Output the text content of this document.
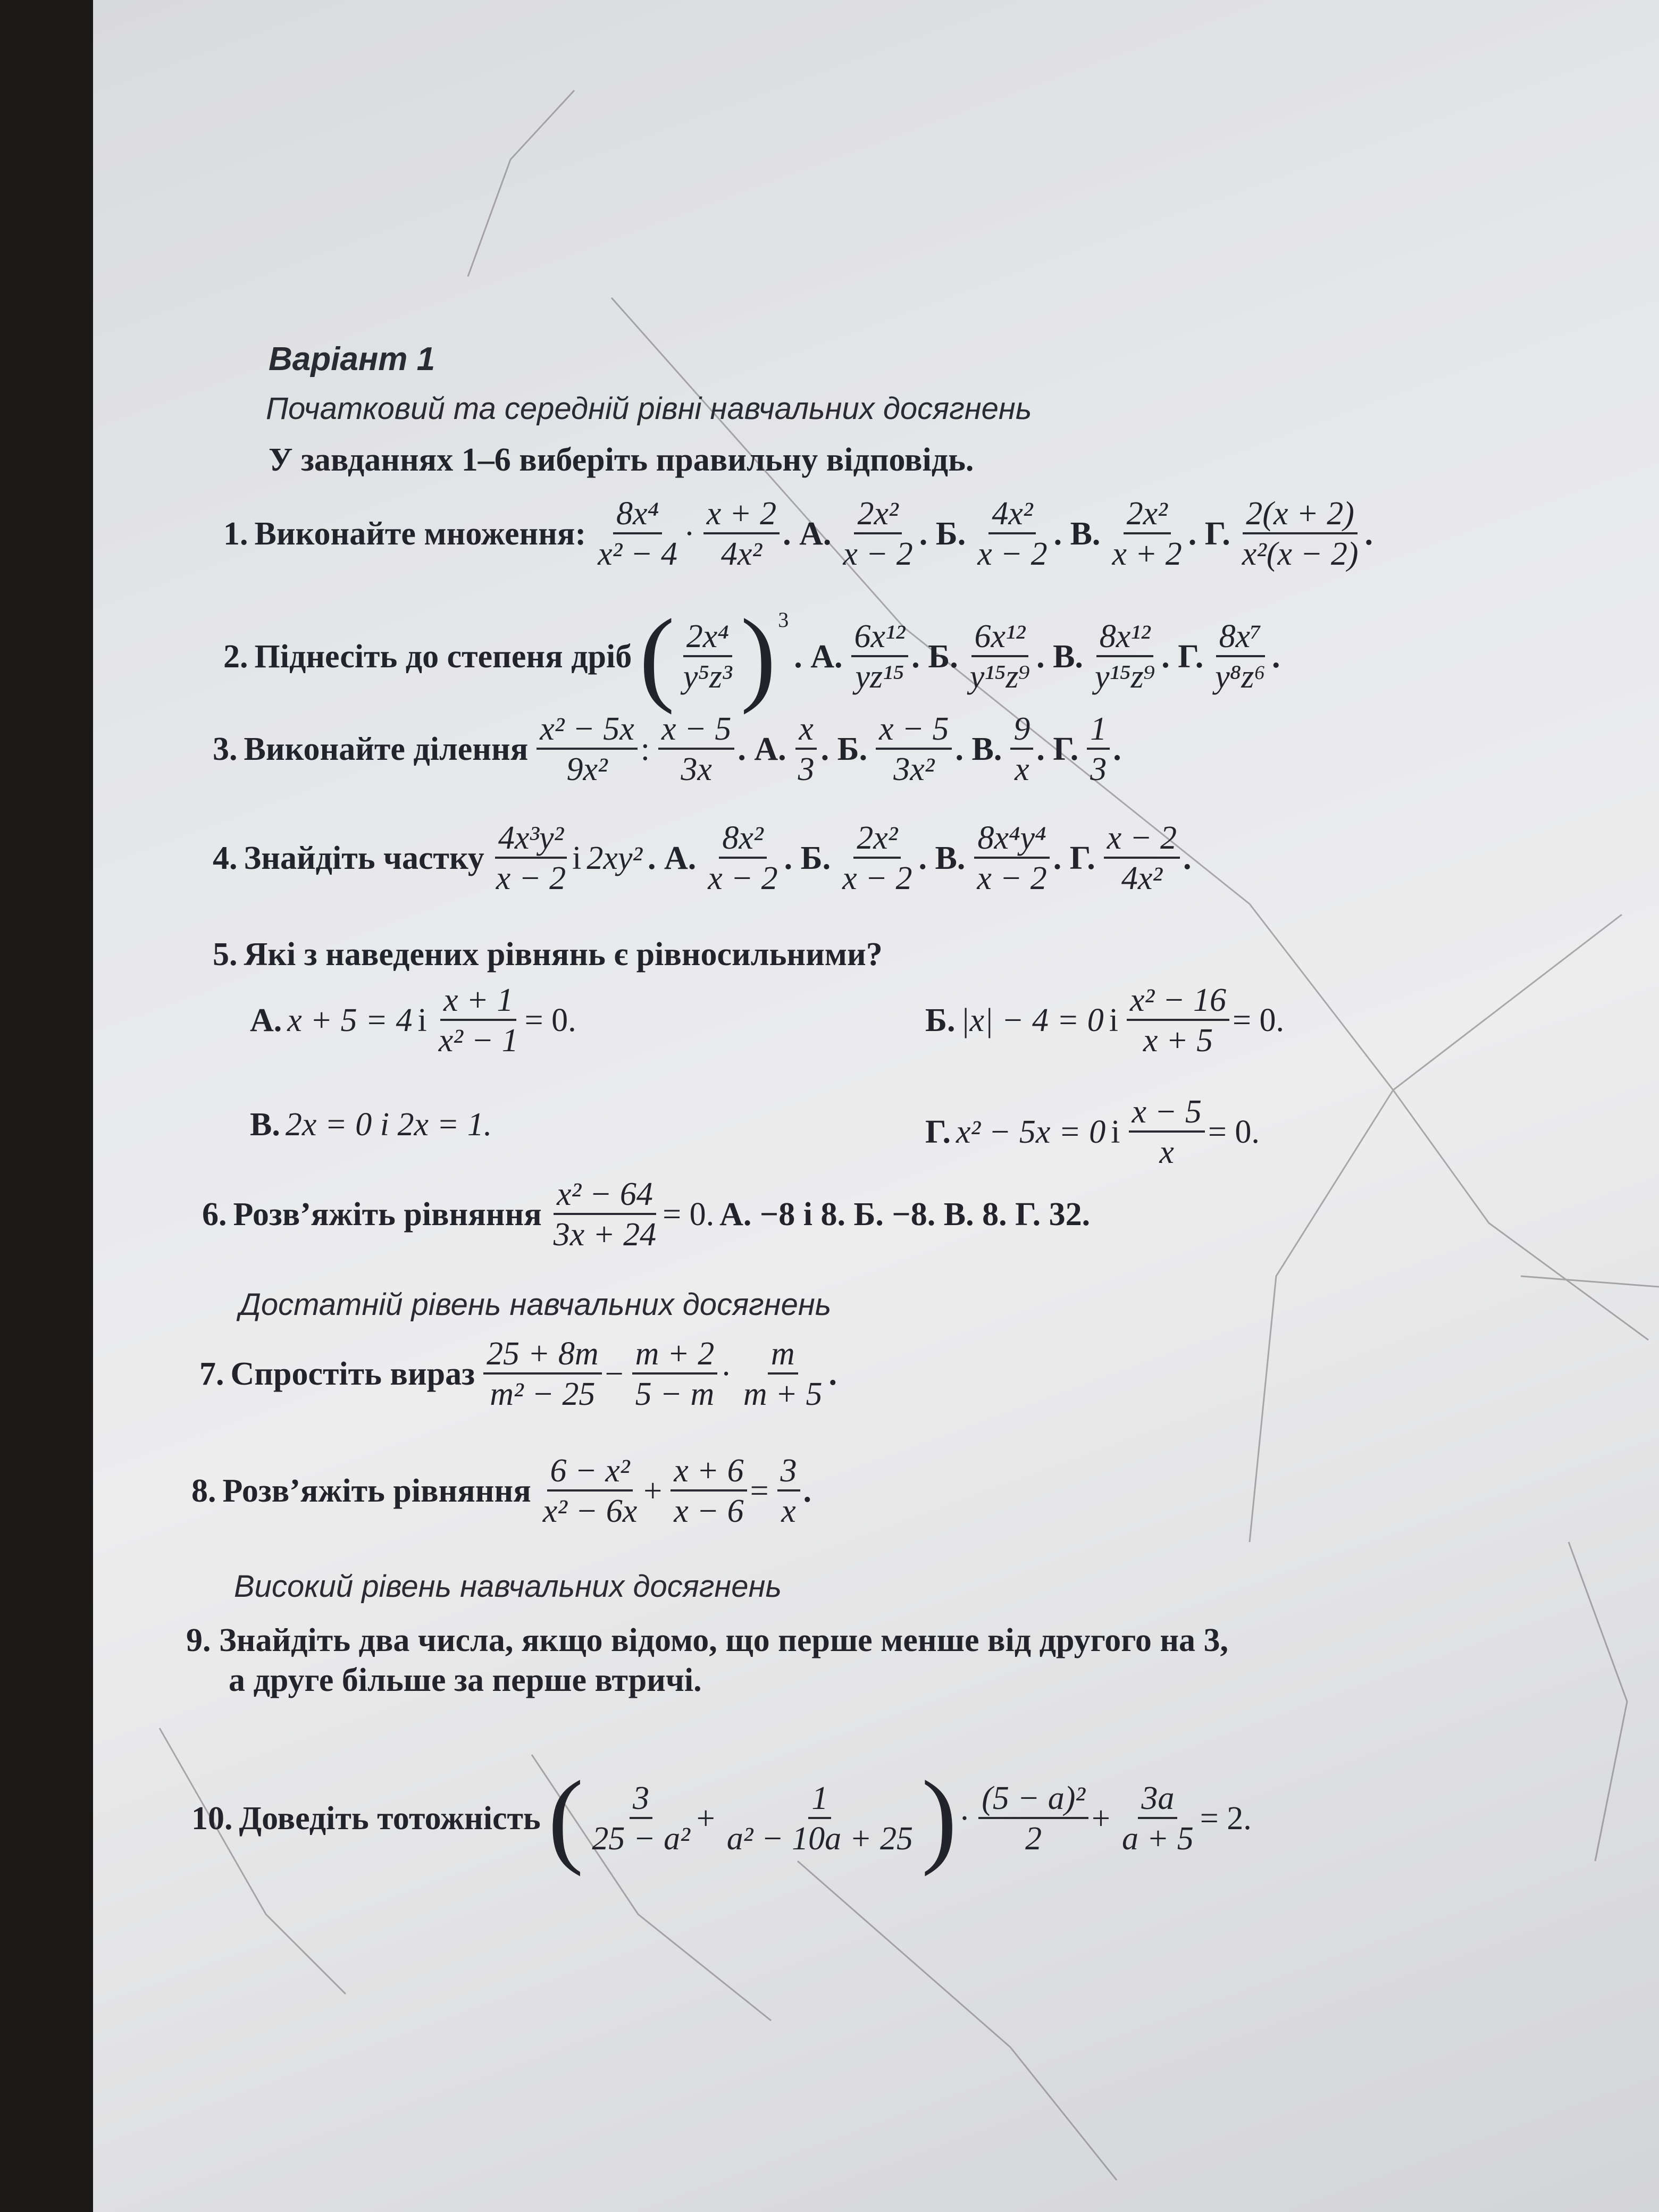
Варіант 1
Початковий та середній рівні навчальних досягнень
У завданнях 1–6 виберіть правильну відповідь.
1. Виконайте множення: $\frac{\text{8x⁴}}{\text{x² − 4}} \cdot \frac{x + 2}{\text{4x²}}$ . А. $\frac{\text{2x²}}{x - 2}$ . Б. $\frac{\text{4x²}}{x - 2}$ . В. $\frac{\text{2x²}}{x + 2}$ . Г. $\frac{2(x + 2)}{\text{x²(x − 2)}}$ .
2. Піднесіть до степеня дріб ( $\frac{\text{2x⁴}}{\text{y⁵z³}}$ ) 3
. А. $\frac{\text{6x¹²}}{\text{yz¹⁵}}$ . Б. $\frac{\text{6x¹²}}{\text{y¹⁵z⁹}}$ . В. $\frac{\text{8x¹²}}{\text{y¹⁵z⁹}}$ . Г. $\frac{\text{8x⁷}}{\text{y⁸z⁶}}$ .
3. Виконайте ділення $\frac{\text{x² − 5x}}{\text{9x²}}$ : $\frac{x - 5}{3x}$ . А. $\frac{x}{3}$ . Б. $\frac{x - 5}{\text{3x²}}$ . В. $\frac{9}{x}$ . Г. $\frac{1}{3}$ .
4. Знайдіть частку $\frac{\text{4x³y²}}{x - 2}$ і 2xy² . А. $\frac{\text{8x²}}{x - 2}$ . Б. $\frac{\text{2x²}}{x - 2}$ . В. $\frac{\text{8x⁴y⁴}}{x - 2}$ . Г. $\frac{x - 2}{\text{4x²}}$ .
5. Які з наведених рівнянь є рівносильними?
А. x + 5 = 4 і $\frac{x + 1}{\text{x² − 1}} = 0$.	Б. |x| − 4 = 0 і $\frac{\text{x² − 16}}{x + 5} = 0$.
В. 2x = 0 і 2x = 1.	Г. x² − 5x = 0 і $\frac{x - 5}{x} = 0$.
6. Розв’яжіть рівняння $\frac{\text{x² − 64}}{3x + 24} = 0$. А. −8 і 8. Б. −8. В. 8. Г. 32.
Достатній рівень навчальних досягнень
7. Спростіть вираз $\frac{25 + 8m}{\text{m² − 25}} - \frac{m + 2}{5 - m} \cdot \frac{m}{m + 5}$ .
8. Розв’яжіть рівняння $\frac{\text{6 − x²}}{\text{x² − 6x}} + \frac{x + 6}{x - 6} = \frac{3}{x}$ .
Високий рівень навчальних досягнень
9. Знайдіть два числа, якщо відомо, що перше менше від другого на 3,
а друге більше за перше втричі.
10. Доведіть тотожність ( $\frac{3}{\text{25 − a²}} + \frac{1}{\text{a² − 10a + 25}}$ ) · $\frac{\text{(5 − a)²}}{2} + \frac{3a}{a + 5} = 2$.
